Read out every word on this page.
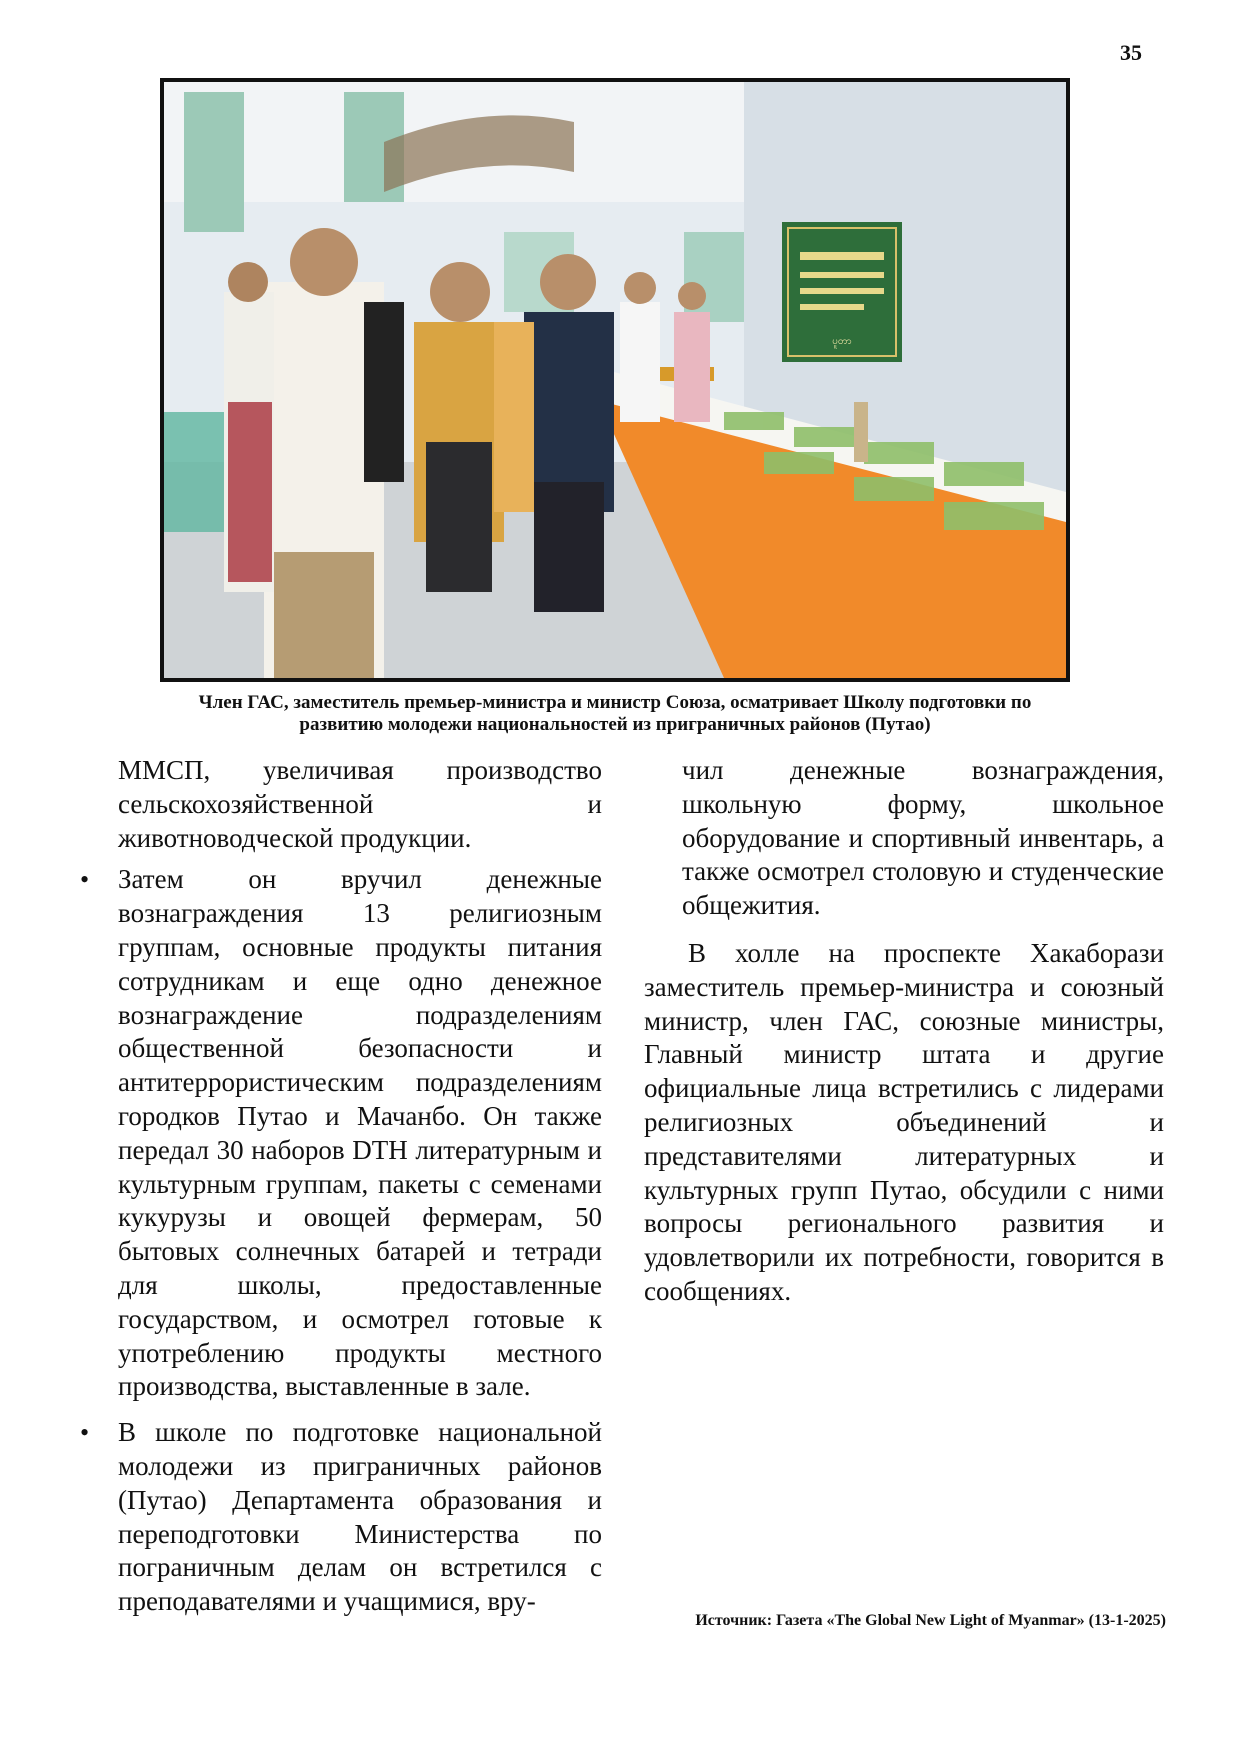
35
ပူတာ
Член ГАС, заместитель премьер-министра и министр Союза, осматривает Школу подготовки по
развитию молодежи национальностей из приграничных районов (Путао)

ММСП, увеличивая производство сельскохозяйственной и животноводческой продукции.

• Затем он вручил денежные вознаграждения 13 религиозным группам, основные продукты питания сотрудникам и еще одно денежное вознаграждение подразделениям общественной безопасности и антитеррористическим подразделениям городков Путао и Мачанбо. Он также передал 30 наборов DTH литературным и культурным группам, пакеты с семенами кукурузы и овощей фермерам, 50 бытовых солнечных батарей и тетради для школы, предоставленные государством, и осмотрел готовые к употреблению продукты местного производства, выставленные в зале.

• В школе по подготовке национальной молодежи из приграничных районов (Путао) Департамента образования и переподготовки Министерства по пограничным делам он встретился с преподавателями и учащимися, вру-

чил денежные вознаграждения, школьную форму, школьное оборудование и спортивный инвентарь, а также осмотрел столовую и студенческие общежития.

В холле на проспекте Хакаборази заместитель премьер-министра и союзный министр, член ГАС, союзные министры, Главный министр штата и другие официальные лица встретились с лидерами религиозных объединений и представителями литературных и культурных групп Путао, обсудили с ними вопросы регионального развития и удовлетворили их потребности, говорится в сообщениях.

Источник: Газета «The Global New Light of Myanmar» (13-1-2025)
